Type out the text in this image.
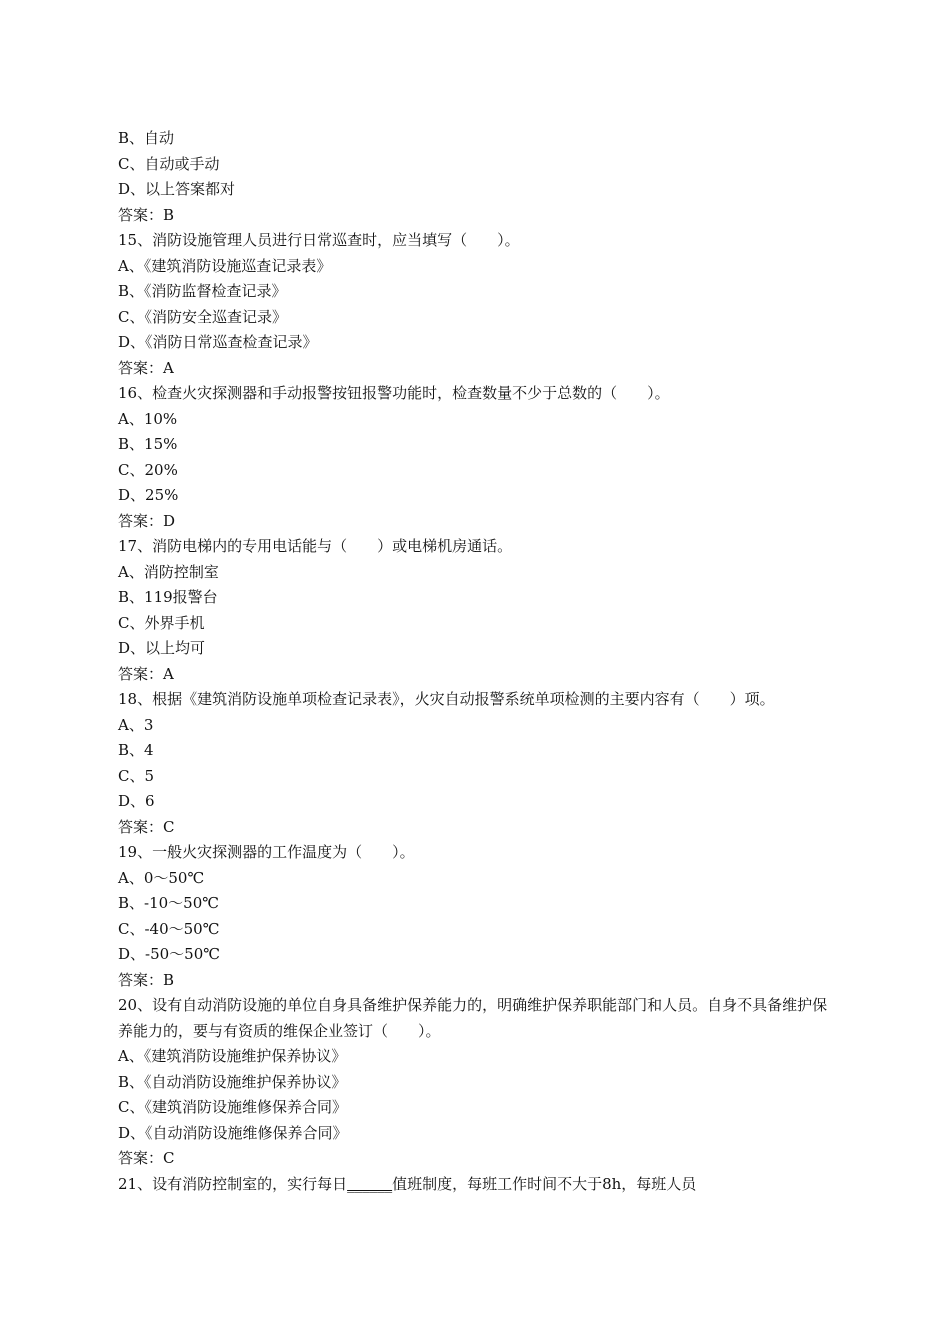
B、自动
C、自动或手动
D、以上答案都对
答案：B
15、消防设施管理人员进行日常巡查时，应当填写（　　）。
A、《建筑消防设施巡查记录表》
B、《消防监督检查记录》
C、《消防安全巡查记录》
D、《消防日常巡查检查记录》
答案：A
16、检查火灾探测器和手动报警按钮报警功能时，检查数量不少于总数的（　　）。
A、10%
B、15%
C、20%
D、25%
答案：D
17、消防电梯内的专用电话能与（　　）或电梯机房通话。
A、消防控制室
B、119报警台
C、外界手机
D、以上均可
答案：A
18、根据《建筑消防设施单项检查记录表》，火灾自动报警系统单项检测的主要内容有（　　）项。
A、3
B、4
C、5
D、6
答案：C
19、一般火灾探测器的工作温度为（　　）。
A、0～50℃
B、-10～50℃
C、-40～50℃
D、-50～50℃
答案：B
20、设有自动消防设施的单位自身具备维护保养能力的，明确维护保养职能部门和人员。自身不具备维护保养能力的，要与有资质的维保企业签订（　　）。
A、《建筑消防设施维护保养协议》
B、《自动消防设施维护保养协议》
C、《建筑消防设施维修保养合同》
D、《自动消防设施维修保养合同》
答案：C
21、设有消防控制室的，实行每日______值班制度，每班工作时间不大于8h，每班人员
